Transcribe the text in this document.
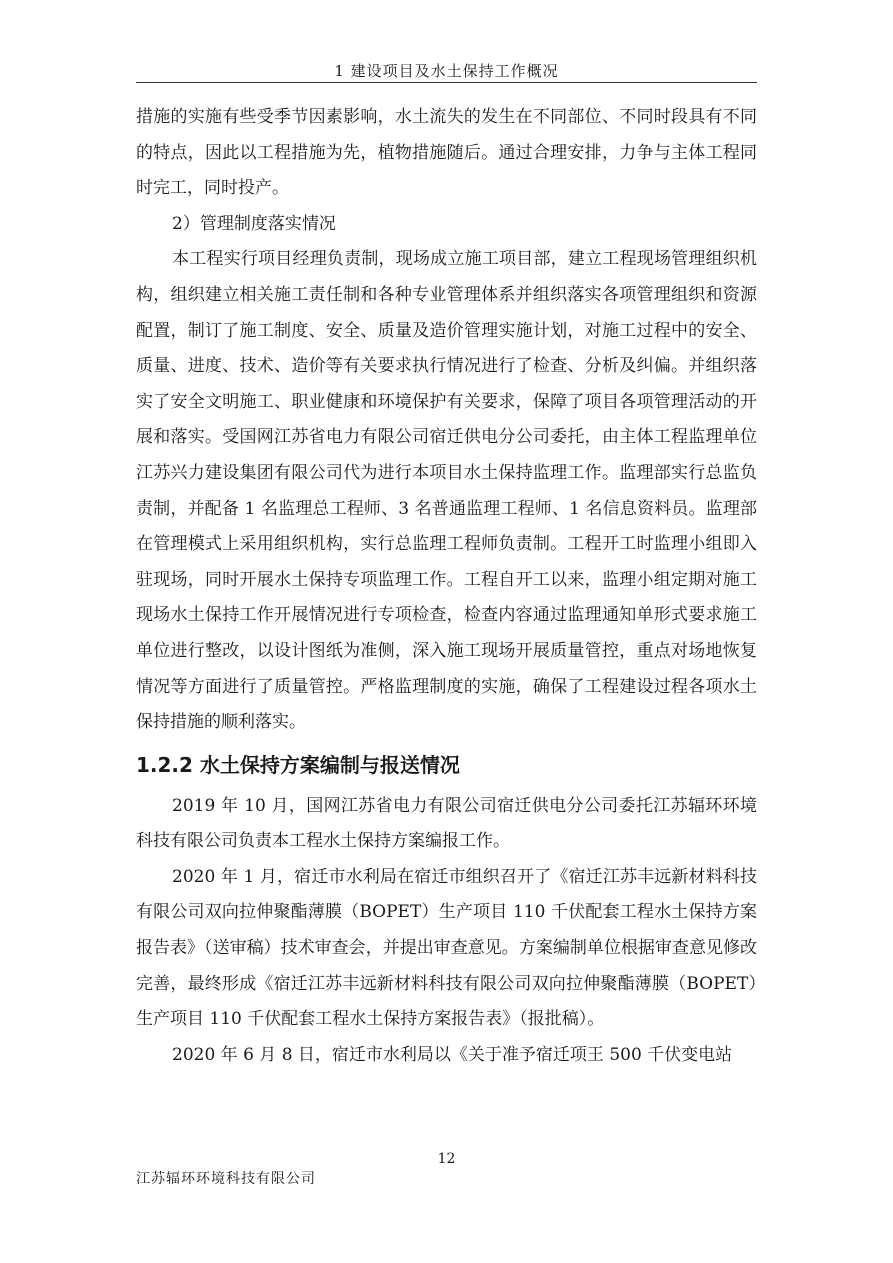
1 建设项目及水土保持工作概况

措施的实施有些受季节因素影响，水土流失的发生在不同部位、不同时段具有不同的特点，因此以工程措施为先，植物措施随后。通过合理安排，力争与主体工程同时完工，同时投产。

2）管理制度落实情况

本工程实行项目经理负责制，现场成立施工项目部，建立工程现场管理组织机构，组织建立相关施工责任制和各种专业管理体系并组织落实各项管理组织和资源配置，制订了施工制度、安全、质量及造价管理实施计划，对施工过程中的安全、质量、进度、技术、造价等有关要求执行情况进行了检查、分析及纠偏。并组织落实了安全文明施工、职业健康和环境保护有关要求，保障了项目各项管理活动的开展和落实。受国网江苏省电力有限公司宿迁供电分公司委托，由主体工程监理单位江苏兴力建设集团有限公司代为进行本项目水土保持监理工作。监理部实行总监负责制，并配备 1 名监理总工程师、3 名普通监理工程师、1 名信息资料员。监理部在管理模式上采用组织机构，实行总监理工程师负责制。工程开工时监理小组即入驻现场，同时开展水土保持专项监理工作。工程自开工以来，监理小组定期对施工现场水土保持工作开展情况进行专项检查，检查内容通过监理通知单形式要求施工单位进行整改，以设计图纸为准侧，深入施工现场开展质量管控，重点对场地恢复情况等方面进行了质量管控。严格监理制度的实施，确保了工程建设过程各项水土保持措施的顺利落实。

1.2.2 水土保持方案编制与报送情况

2019 年 10 月，国网江苏省电力有限公司宿迁供电分公司委托江苏辐环环境科技有限公司负责本工程水土保持方案编报工作。

2020 年 1 月，宿迁市水利局在宿迁市组织召开了《宿迁江苏丰远新材料科技有限公司双向拉伸聚酯薄膜（BOPET）生产项目 110 千伏配套工程水土保持方案报告表》（送审稿）技术审查会，并提出审查意见。方案编制单位根据审查意见修改完善，最终形成《宿迁江苏丰远新材料科技有限公司双向拉伸聚酯薄膜（BOPET）生产项目 110 千伏配套工程水土保持方案报告表》（报批稿）。

2020 年 6 月 8 日，宿迁市水利局以《关于准予宿迁项王 500 千伏变电站

12
江苏辐环环境科技有限公司
